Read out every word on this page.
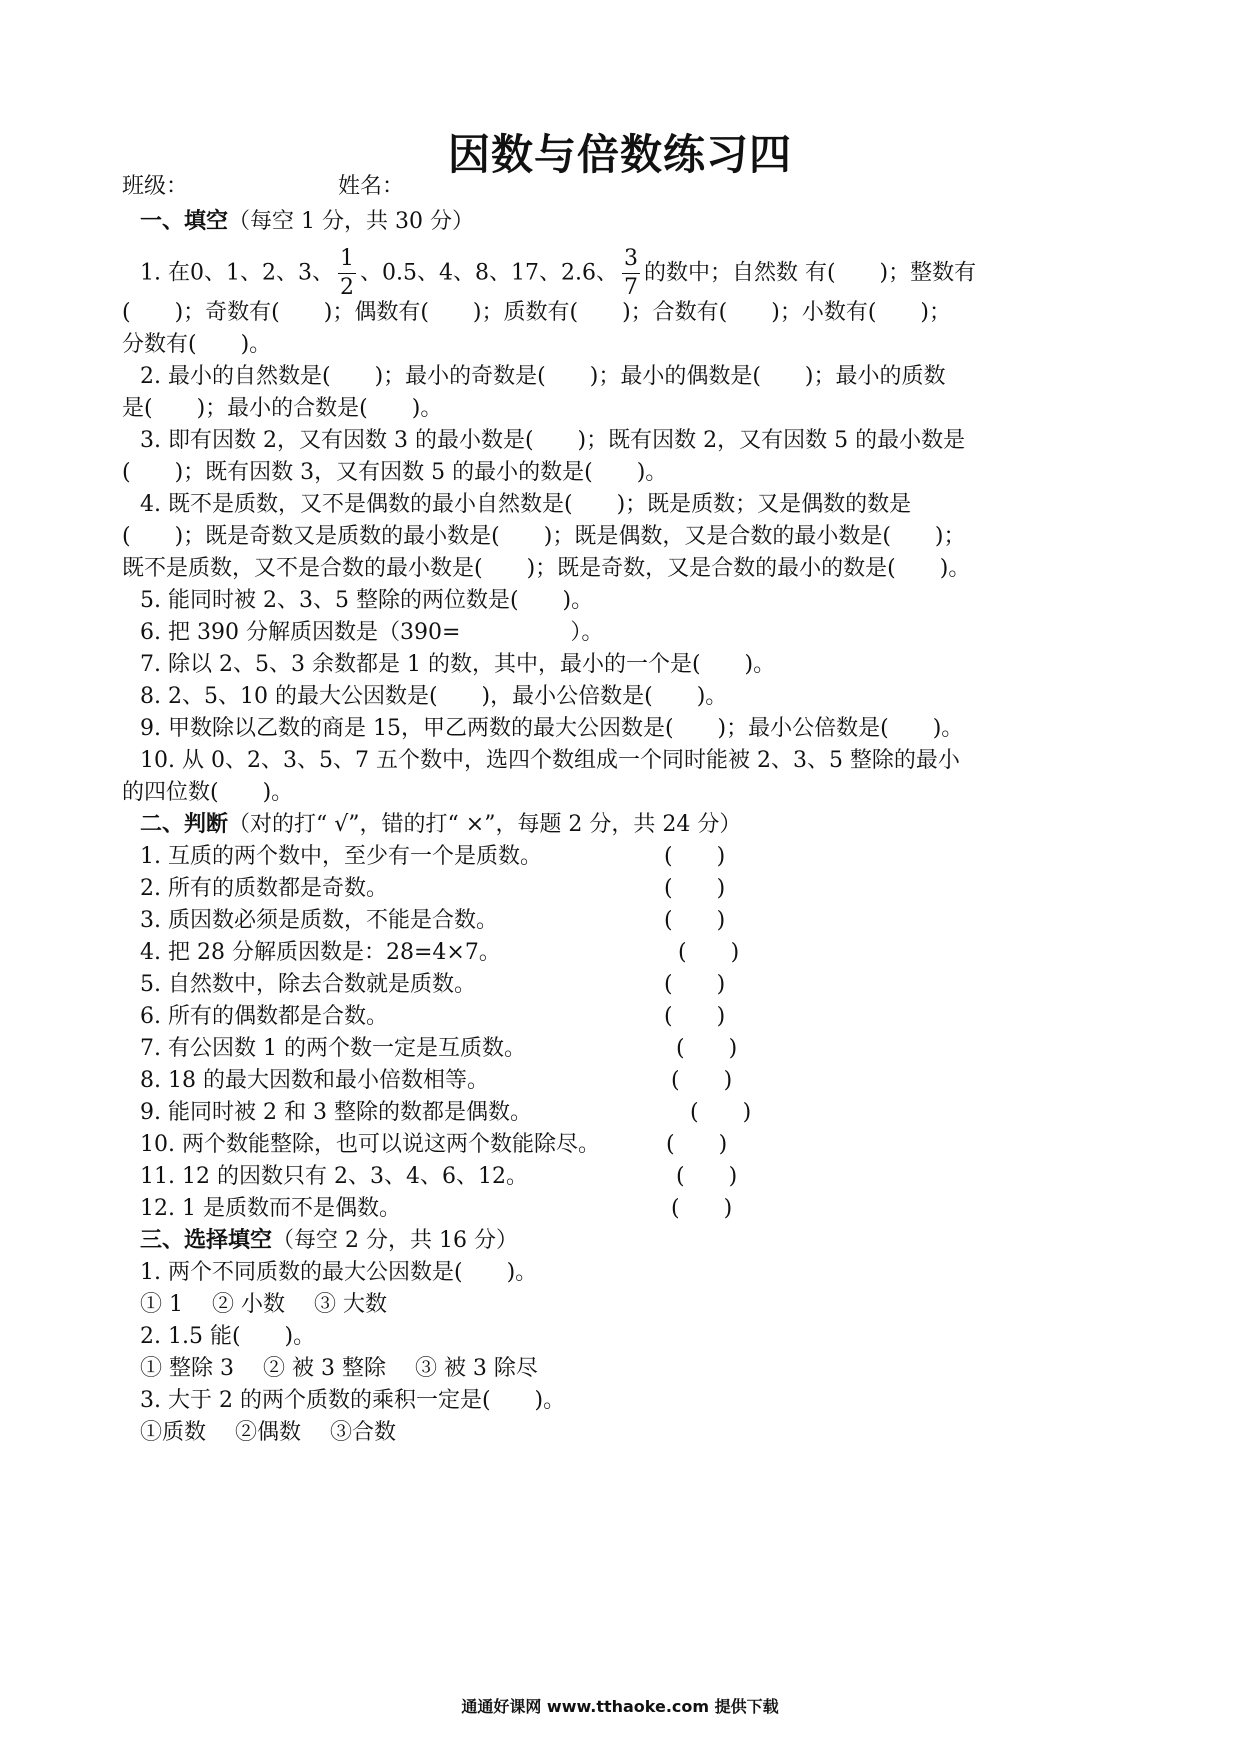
因数与倍数练习四
班级：	姓名：
一、填空（每空 1 分，共 30 分）
1. 在0、1、2、3、 $\frac{1}{2}$ 、0.5、4、8、17、2.6、 $\frac{3}{7}$ 的数中；自然数 有(　　)；整数有
(　　)；奇数有(　　)；偶数有(　　)；质数有(　　)；合数有(　　)；小数有(　　)；
分数有(　　)。
2. 最小的自然数是(　　)；最小的奇数是(　　)；最小的偶数是(　　)；最小的质数
是(　　)；最小的合数是(　　)。
3. 即有因数 2，又有因数 3 的最小数是(　　)；既有因数 2，又有因数 5 的最小数是
(　　)；既有因数 3，又有因数 5 的最小的数是(　　)。
4. 既不是质数，又不是偶数的最小自然数是(　　)；既是质数；又是偶数的数是
(　　)；既是奇数又是质数的最小数是(　　)；既是偶数，又是合数的最小数是(　　)；
既不是质数，又不是合数的最小数是(　　)；既是奇数，又是合数的最小的数是(　　)。
5. 能同时被 2、3、5 整除的两位数是(　　)。
6. 把 390 分解质因数是（390=　　　　　）。
7. 除以 2、5、3 余数都是 1 的数，其中，最小的一个是(　　)。
8. 2、5、10 的最大公因数是(　　)，最小公倍数是(　　)。
9. 甲数除以乙数的商是 15，甲乙两数的最大公因数是(　　)；最小公倍数是(　　)。
10. 从 0、2、3、5、7 五个数中，选四个数组成一个同时能被 2、3、5 整除的最小
的四位数(　　)。
二、判断（对的打“ √”，错的打“ ×”，每题 2 分，共 24 分）
1. 互质的两个数中，至少有一个是质数。	(　　)
2. 所有的质数都是奇数。	(　　)
3. 质因数必须是质数，不能是合数。	(　　)
4. 把 28 分解质因数是：28=4×7。	(　　)
5. 自然数中，除去合数就是质数。	(　　)
6. 所有的偶数都是合数。	(　　)
7. 有公因数 1 的两个数一定是互质数。	(　　)
8. 18 的最大因数和最小倍数相等。	(　　)
9. 能同时被 2 和 3 整除的数都是偶数。	(　　)
10. 两个数能整除，也可以说这两个数能除尽。	(　　)
11. 12 的因数只有 2、3、4、6、12。	(　　)
12. 1 是质数而不是偶数。	(　　)
三、选择填空（每空 2 分，共 16 分）
1. 两个不同质数的最大公因数是(　　)。
① 1　 ② 小数　 ③ 大数
2. 1.5 能(　　)。
① 整除 3　 ② 被 3 整除　 ③ 被 3 除尽
3. 大于 2 的两个质数的乘积一定是(　　)。
①质数　 ②偶数　 ③合数
通通好课网 www.tthaoke.com 提供下载
